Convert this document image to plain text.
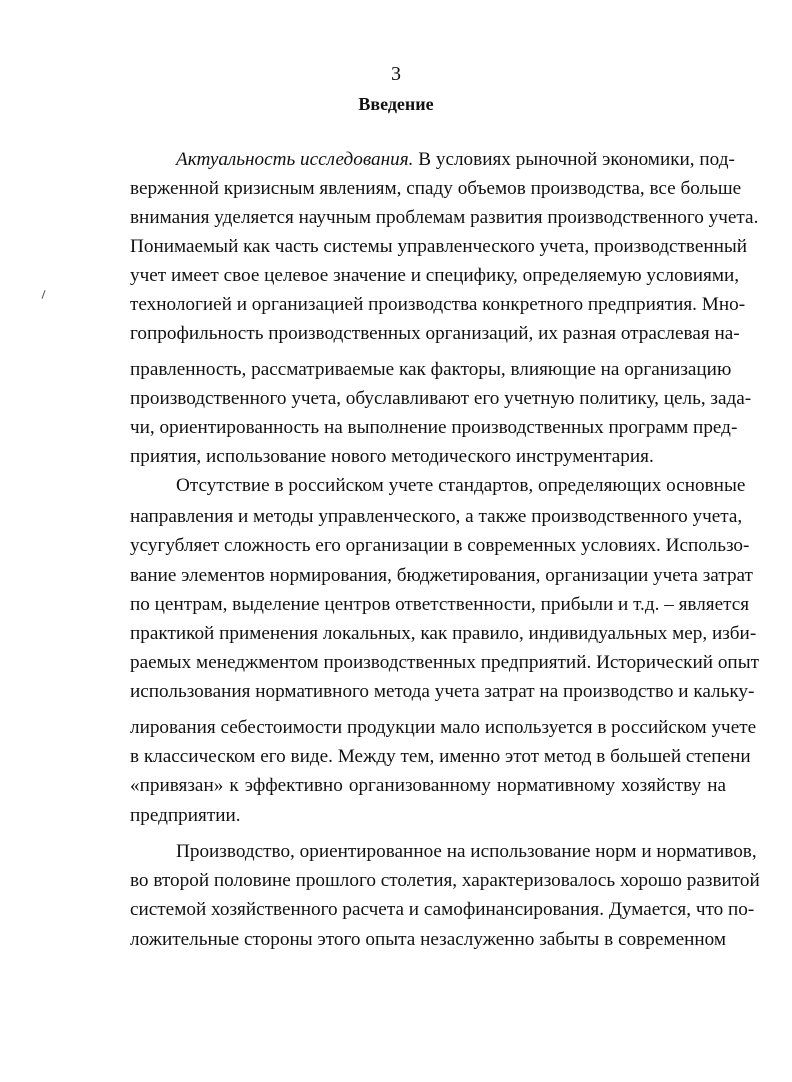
3
Введение
Актуальность исследования. В условиях рыночной экономики, под-
верженной кризисным явлениям, спаду объемов производства, все больше
внимания уделяется научным проблемам развития производственного учета.
Понимаемый как часть системы управленческого учета, производственный
учет имеет свое целевое значение и специфику, определяемую условиями,
технологией и организацией производства конкретного предприятия. Мно-
гопрофильность производственных организаций, их разная отраслевая на-
правленность, рассматриваемые как факторы, влияющие на организацию
производственного учета, обуславливают его учетную политику, цель, зада-
чи, ориентированность на выполнение производственных программ пред-
приятия, использование нового методического инструментария.
Отсутствие в российском учете стандартов, определяющих основные
направления и методы управленческого, а также производственного учета,
усугубляет сложность его организации в современных условиях. Использо-
вание элементов нормирования, бюджетирования, организации учета затрат
по центрам, выделение центров ответственности, прибыли и т.д. – является
практикой применения локальных, как правило, индивидуальных мер, изби-
раемых менеджментом производственных предприятий. Исторический опыт
использования нормативного метода учета затрат на производство и кальку-
лирования себестоимости продукции мало используется в российском учете
в классическом его виде. Между тем, именно этот метод в большей степени
«привязан» к эффективно организованному нормативному хозяйству на
предприятии.
Производство, ориентированное на использование норм и нормативов,
во второй половине прошлого столетия, характеризовалось хорошо развитой
системой хозяйственного расчета и самофинансирования. Думается, что по-
ложительные стороны этого опыта незаслуженно забыты в современном
